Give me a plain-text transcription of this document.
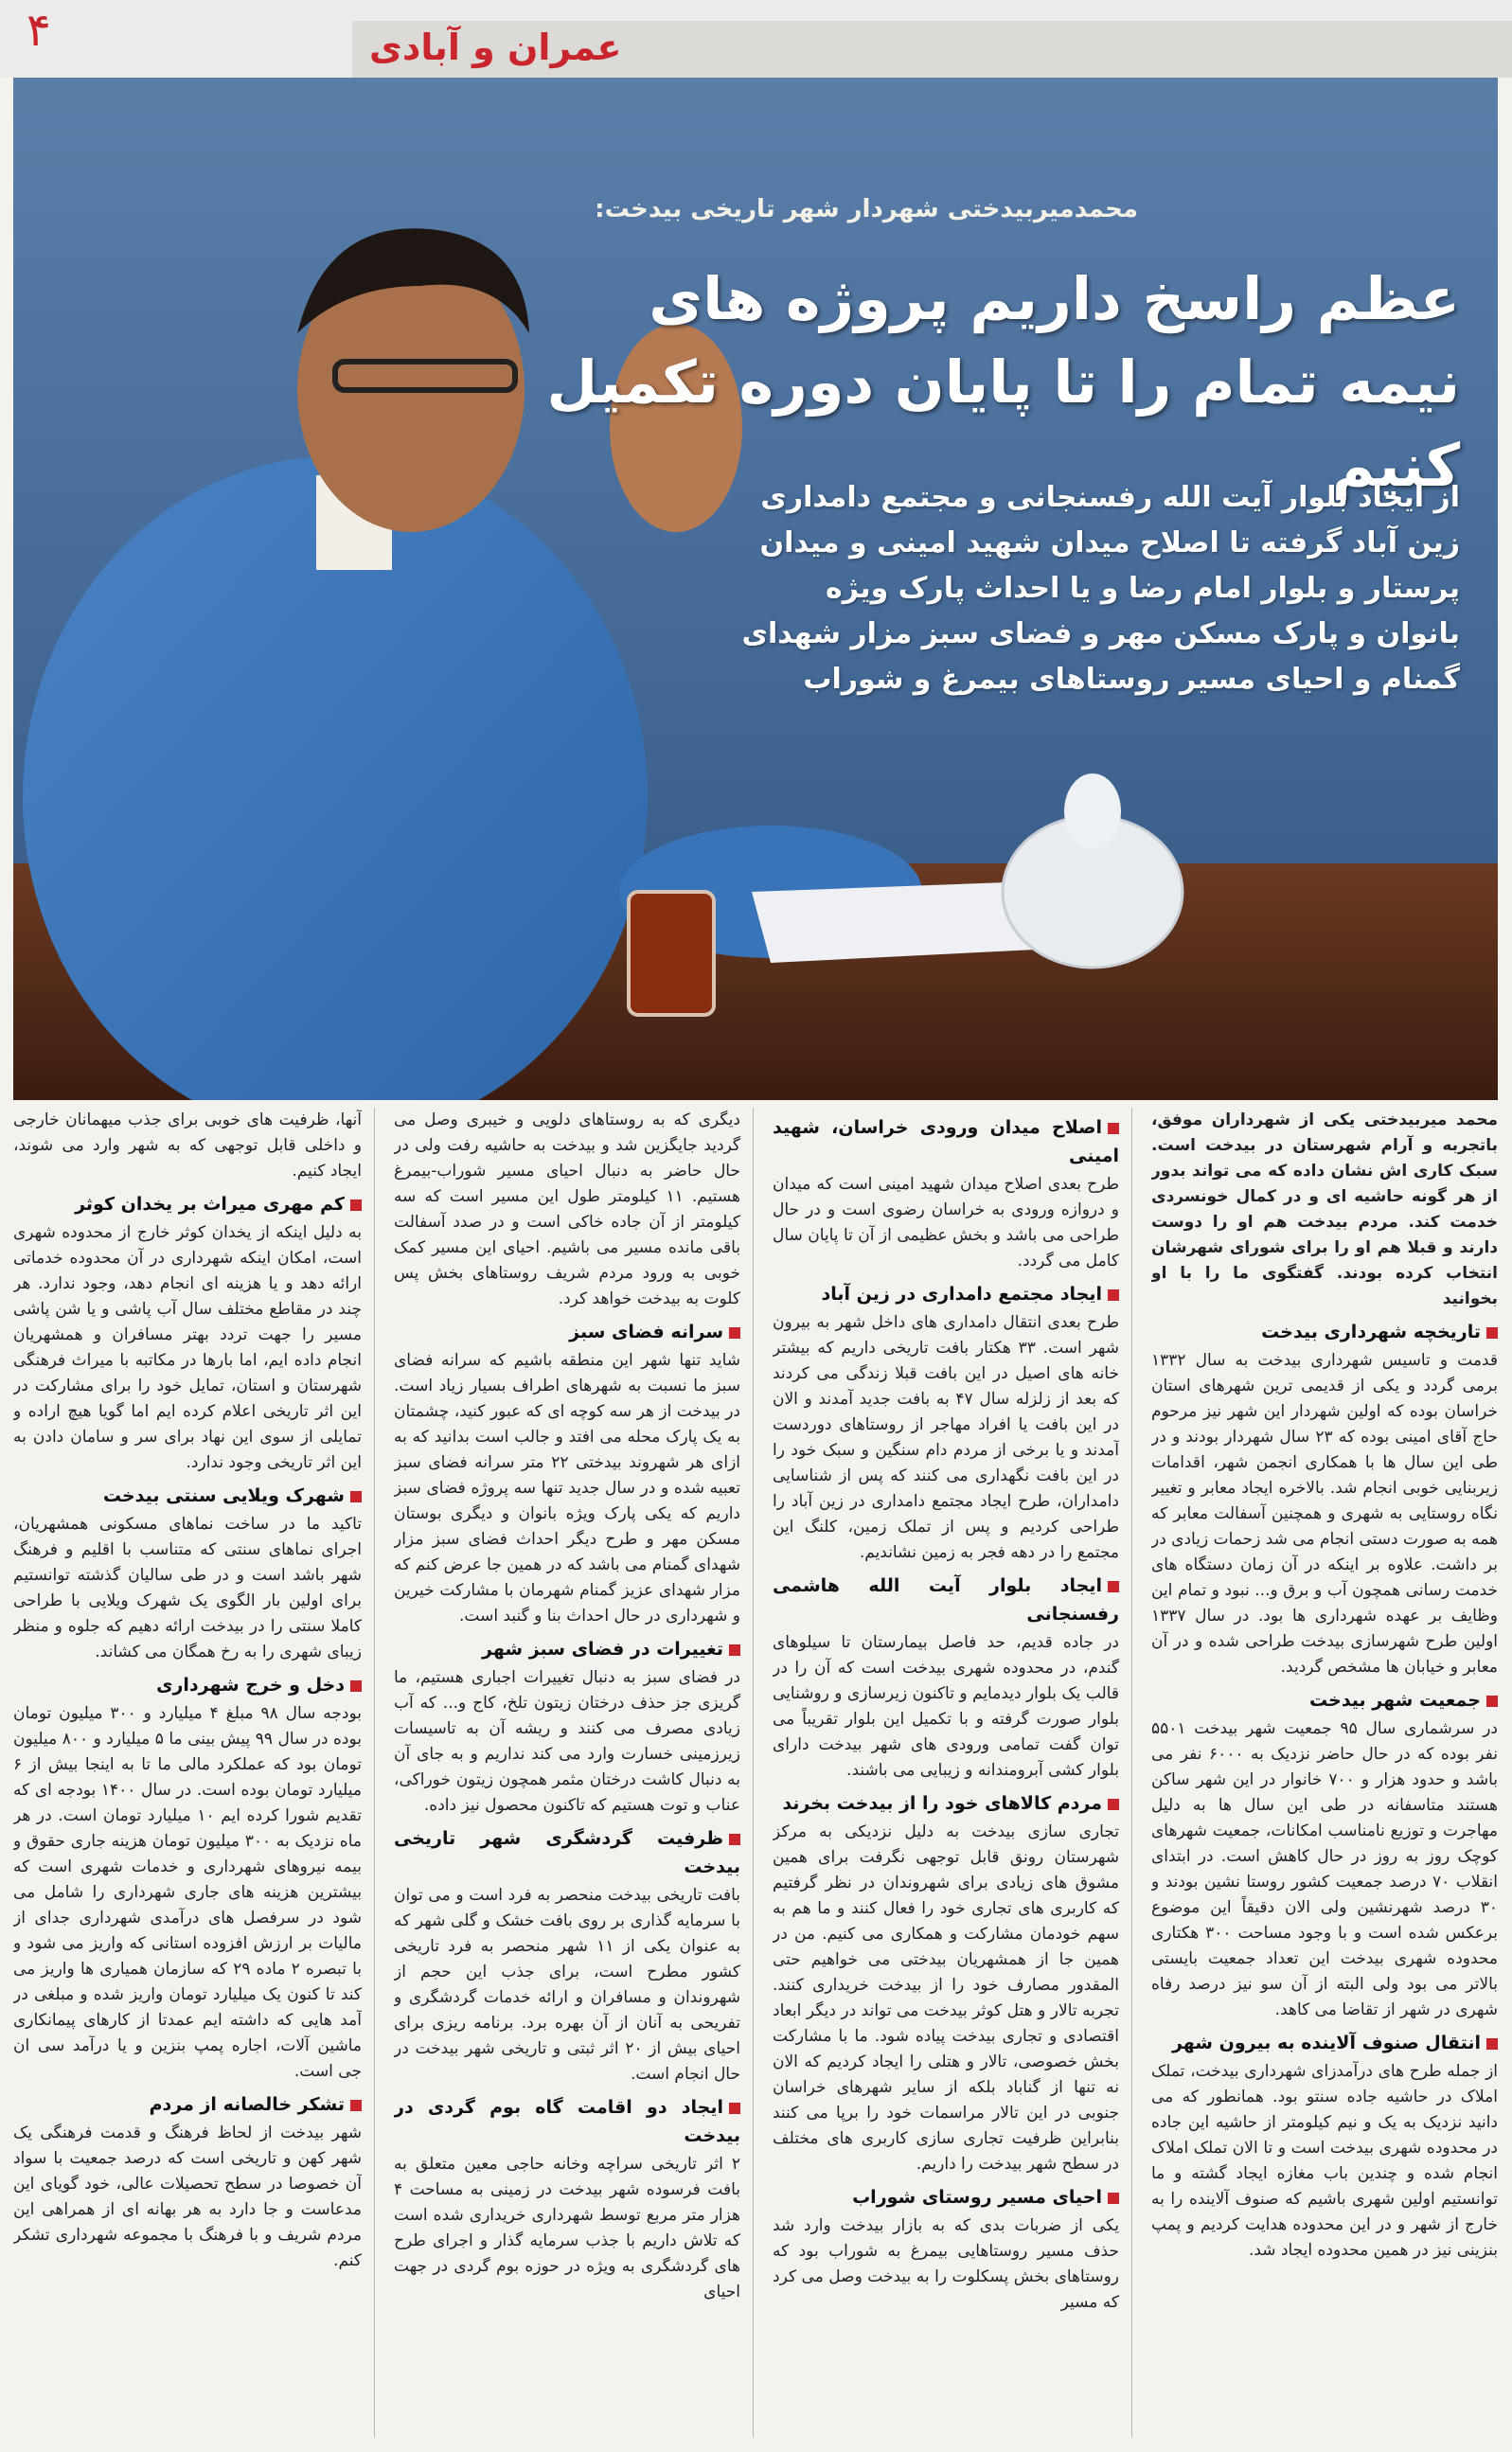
۴	عمران و آبادی
محمدمیربیدختی شهردار شهر تاریخی بیدخت:
عظم راسخ داریم پروژه های
نیمه تمام را تا پایان دوره تکمیل کنیم
از ایجاد بلوار آیت الله رفسنجانی و مجتمع دامداری زین آباد گرفته تا اصلاح میدان شهید امینی و میدان پرستار و بلوار امام رضا و یا احداث پارک ویژه بانوان و پارک مسکن مهر و فضای سبز مزار شهدای گمنام و احیای مسیر روستاهای بیمرغ و شوراب

محمد میربیدختی یکی از شهرداران موفق، باتجربه و آرام شهرستان در بیدخت است. سبک کاری اش نشان داده که می تواند بدور از هر گونه حاشیه ای و در کمال خونسردی خدمت کند. مردم بیدخت هم او را دوست دارند و قبلا هم او را برای شورای شهرشان انتخاب کرده بودند. گفتگوی ما را با او بخوانید

تاریخچه شهرداری بیدخت

قدمت و تاسیس شهرداری بیدخت به سال ۱۳۳۲ برمی گردد و یکی از قدیمی ترین شهرهای استان خراسان بوده که اولین شهردار این شهر نیز مرحوم حاج آقای امینی بوده که ۲۳ سال شهردار بودند و در طی این سال ها با همکاری انجمن شهر، اقدامات زیربنایی خوبی انجام شد. بالاخره ایجاد معابر و تغییر نگاه روستایی به شهری و همچنین آسفالت معابر که همه به صورت دستی انجام می شد زحمات زیادی در بر داشت. علاوه بر اینکه در آن زمان دستگاه های خدمت رسانی همچون آب و برق و... نبود و تمام این وظایف بر عهده شهرداری ها بود. در سال ۱۳۳۷ اولین طرح شهرسازی بیدخت طراحی شده و در آن معابر و خیابان ها مشخص گردید.

جمعیت شهر بیدخت

در سرشماری سال ۹۵ جمعیت شهر بیدخت ۵۵۰۱ نفر بوده که در حال حاضر نزدیک به ۶۰۰۰ نفر می باشد و حدود هزار و ۷۰۰ خانوار در این شهر ساکن هستند متاسفانه در طی این سال ها به دلیل مهاجرت و توزیع نامناسب امکانات، جمعیت شهرهای کوچک روز به روز در حال کاهش است. در ابتدای انقلاب ۷۰ درصد جمعیت کشور روستا نشین بودند و ۳۰ درصد شهرنشین ولی الان دقیقاً این موضوع برعکس شده است و با وجود مساحت ۳۰۰ هکتاری محدوده شهری بیدخت این تعداد جمعیت بایستی بالاتر می بود ولی البته از آن سو نیز درصد رفاه شهری در شهر از تقاضا می کاهد.

انتقال صنوف آلاینده به بیرون شهر

از جمله طرح های درآمدزای شهرداری بیدخت، تملک املاک در حاشیه جاده سنتو بود. همانطور که می دانید نزدیک به یک و نیم کیلومتر از حاشیه این جاده در محدوده شهری بیدخت است و تا الان تملک املاک انجام شده و چندین باب مغازه ایجاد گشته و ما توانستیم اولین شهری باشیم که صنوف آلاینده را به خارج از شهر و در این محدوده هدایت کردیم و پمپ بنزینی نیز در همین محدوده ایجاد شد.

اصلاح میدان ورودی خراسان، شهید امینی

طرح بعدی اصلاح میدان شهید امینی است که میدان و دروازه ورودی به خراسان رضوی است و در حال طراحی می باشد و بخش عظیمی از آن تا پایان سال کامل می گردد.

ایجاد مجتمع دامداری در زین آباد

طرح بعدی انتقال دامداری های داخل شهر به بیرون شهر است. ۳۳ هکتار بافت تاریخی داریم که بیشتر خانه های اصیل در این بافت قبلا زندگی می کردند که بعد از زلزله سال ۴۷ به بافت جدید آمدند و الان در این بافت یا افراد مهاجر از روستاهای دوردست آمدند و یا برخی از مردم دام سنگین و سبک خود را در این بافت نگهداری می کنند که پس از شناسایی دامداران، طرح ایجاد مجتمع دامداری در زین آباد را طراحی کردیم و پس از تملک زمین، کلنگ این مجتمع را در دهه فجر به زمین نشاندیم.

ایجاد بلوار آیت الله هاشمی رفسنجانی

در جاده قدیم، حد فاصل بیمارستان تا سیلوهای گندم، در محدوده شهری بیدخت است که آن را در قالب یک بلوار دیدمایم و تاکنون زیرسازی و روشنایی بلوار صورت گرفته و با تکمیل این بلوار تقریباً می توان گفت تمامی ورودی های شهر بیدخت دارای بلوار کشی آبرومندانه و زیبایی می باشند.

مردم کالاهای خود را از بیدخت بخرند

تجاری سازی بیدخت به دلیل نزدیکی به مرکز شهرستان رونق قابل توجهی نگرفت برای همین مشوق های زیادی برای شهروندان در نظر گرفتیم که کاربری های تجاری خود را فعال کنند و ما هم به سهم خودمان مشارکت و همکاری می کنیم. من در همین جا از همشهریان بیدختی می خواهیم حتی المقدور مصارف خود را از بیدخت خریداری کنند. تجربه تالار و هتل کوثر بیدخت می تواند در دیگر ابعاد اقتصادی و تجاری بیدخت پیاده شود. ما با مشارکت بخش خصوصی، تالار و هتلی را ایجاد کردیم که الان نه تنها از گناباد بلکه از سایر شهرهای خراسان جنوبی در این تالار مراسمات خود را برپا می کنند بنابراین ظرفیت تجاری سازی کاربری های مختلف در سطح شهر بیدخت را داریم.

احیای مسیر روستای شوراب

یکی از ضربات بدی که به بازار بیدخت وارد شد حذف مسیر روستاهایی بیمرغ به شوراب بود که روستاهای بخش پسکلوت را به بیدخت وصل می کرد که مسیر

دیگری که به روستاهای دلویی و خیبری وصل می گردید جایگزین شد و بیدخت به حاشیه رفت ولی در حال حاضر به دنبال احیای مسیر شوراب-بیمرغ هستیم. ۱۱ کیلومتر طول این مسیر است که سه کیلومتر از آن جاده خاکی است و در صدد آسفالت باقی مانده مسیر می باشیم. احیای این مسیر کمک خوبی به ورود مردم شریف روستاهای بخش پس کلوت به بیدخت خواهد کرد.

سرانه فضای سبز

شاید تنها شهر این منطقه باشیم که سرانه فضای سبز ما نسبت به شهرهای اطراف بسیار زیاد است. در بیدخت از هر سه کوچه ای که عبور کنید، چشمتان به یک پارک محله می افتد و جالب است بدانید که به ازای هر شهروند بیدختی ۲۲ متر سرانه فضای سبز تعبیه شده و در سال جدید تنها سه پروژه فضای سبز داریم که یکی پارک ویژه بانوان و دیگری بوستان مسکن مهر و طرح دیگر احداث فضای سبز مزار شهدای گمنام می باشد که در همین جا عرض کنم که مزار شهدای عزیز گمنام شهرمان با مشارکت خیرین و شهرداری در حال احداث بنا و گنبد است.

تغییرات در فضای سبز شهر

در فضای سبز به دنبال تغییرات اجباری هستیم، ما گریزی جز حذف درختان زیتون تلخ، کاج و... که آب زیادی مصرف می کنند و ریشه آن به تاسیسات زیرزمینی خسارت وارد می کند نداریم و به جای آن به دنبال کاشت درختان مثمر همچون زیتون خوراکی، عناب و توت هستیم که تاکنون محصول نیز داده.

ظرفیت گردشگری شهر تاریخی بیدخت

بافت تاریخی بیدخت منحصر به فرد است و می توان با سرمایه گذاری بر روی بافت خشک و گلی شهر که به عنوان یکی از ۱۱ شهر منحصر به فرد تاریخی کشور مطرح است، برای جذب این حجم از شهروندان و مسافران و ارائه خدمات گردشگری و تفریحی به آنان از آن بهره برد. برنامه ریزی برای احیای بیش از ۲۰ اثر ثبتی و تاریخی شهر بیدخت در حال انجام است.

ایجاد دو اقامت گاه بوم گردی در بیدخت

۲ اثر تاریخی سراچه وخانه حاجی معین متعلق به بافت فرسوده شهر بیدخت در زمینی به مساحت ۴ هزار متر مربع توسط شهرداری خریداری شده است که تلاش داریم با جذب سرمایه گذار و اجرای طرح های گردشگری به ویژه در حوزه بوم گردی در جهت احیای

آنها، ظرفیت های خوبی برای جذب میهمانان خارجی و داخلی قابل توجهی که به شهر وارد می شوند، ایجاد کنیم.

کم مهری میراث بر یخدان کوثر

به دلیل اینکه از یخدان کوثر خارج از محدوده شهری است، امکان اینکه شهرداری در آن محدوده خدماتی ارائه دهد و یا هزینه ای انجام دهد، وجود ندارد. هر چند در مقاطع مختلف سال آب پاشی و یا شن پاشی مسیر را جهت تردد بهتر مسافران و همشهریان انجام داده ایم، اما بارها در مکاتبه با میراث فرهنگی شهرستان و استان، تمایل خود را برای مشارکت در این اثر تاریخی اعلام کرده ایم اما گویا هیچ اراده و تمایلی از سوی این نهاد برای سر و سامان دادن به این اثر تاریخی وجود ندارد.

شهرک ویلایی سنتی بیدخت

تاکید ما در ساخت نماهای مسکونی همشهریان، اجرای نماهای سنتی که متناسب با اقلیم و فرهنگ شهر باشد است و در طی سالیان گذشته توانستیم برای اولین بار الگوی یک شهرک ویلایی با طراحی کاملا سنتی را در بیدخت ارائه دهیم که جلوه و منظر زیبای شهری را به رخ همگان می کشاند.

دخل و خرج شهرداری

بودجه سال ۹۸ مبلغ ۴ میلیارد و ۳۰۰ میلیون تومان بوده در سال ۹۹ پیش بینی ما ۵ میلیارد و ۸۰۰ میلیون تومان بود که عملکرد مالی ما تا به اینجا بیش از ۶ میلیارد تومان بوده است. در سال ۱۴۰۰ بودجه ای که تقدیم شورا کرده ایم ۱۰ میلیارد تومان است. در هر ماه نزدیک به ۳۰۰ میلیون تومان هزینه جاری حقوق و بیمه نیروهای شهرداری و خدمات شهری است که بیشترین هزینه های جاری شهرداری را شامل می شود در سرفصل های درآمدی شهرداری جدای از مالیات بر ارزش افزوده استانی که واریز می شود و با تبصره ۲ ماده ۲۹ که سازمان همیاری ها واریز می کند تا کنون یک میلیارد تومان واریز شده و مبلغی در آمد هایی که داشته ایم عمدتا از کارهای پیمانکاری ماشین آلات، اجاره پمپ بنزین و یا درآمد سی ان جی است.

تشکر خالصانه از مردم

شهر بیدخت از لحاظ فرهنگ و قدمت فرهنگی یک شهر کهن و تاریخی است که درصد جمعیت با سواد آن خصوصا در سطح تحصیلات عالی، خود گویای این مدعاست و جا دارد به هر بهانه ای از همراهی این مردم شریف و با فرهنگ با مجموعه شهرداری تشکر کنم.
